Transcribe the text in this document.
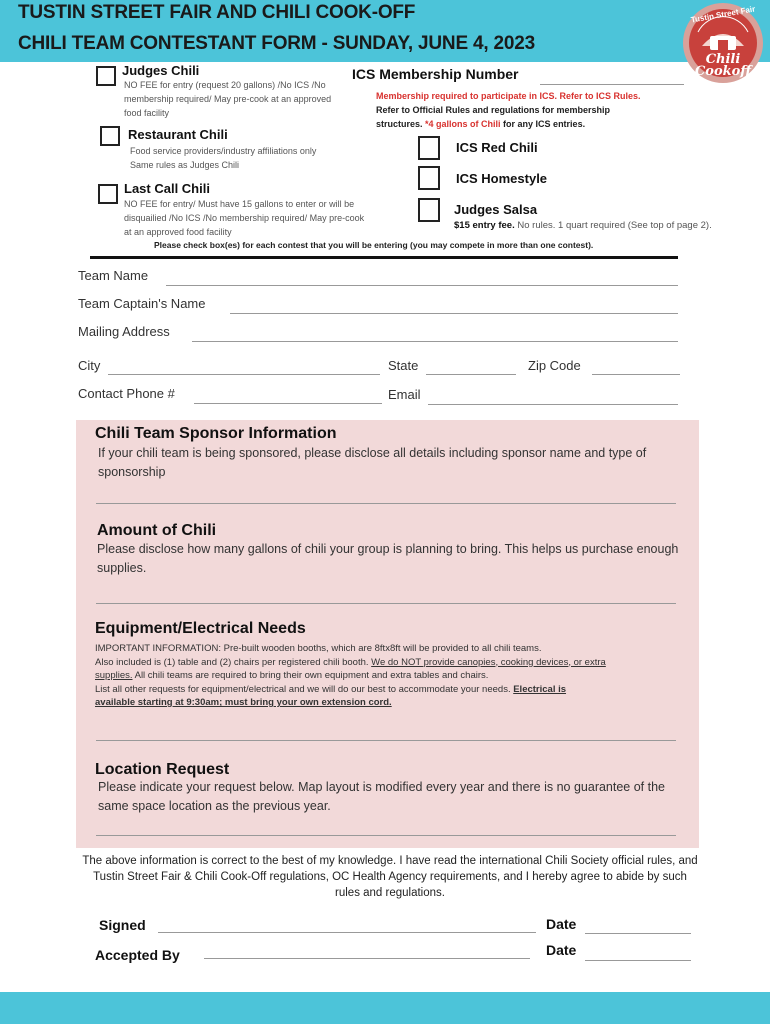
TUSTIN STREET FAIR AND CHILI COOK-OFF
CHILI TEAM CONTESTANT FORM - SUNDAY, JUNE 4, 2023
Tustin Street Fair
Chili Cookoff
Judges Chili
NO FEE for entry (request 20 gallons) /No ICS /No
membership required/ May pre-cook at an approved
food facility
Restaurant Chili
Food service providers/industry affiliations only
Same rules as Judges Chili
Last Call Chili
NO FEE for entry/ Must have 15 gallons to enter or will be
disquailied /No ICS /No membership required/ May pre-cook
at an approved food facility
ICS Membership Number
Membership required to participate in ICS. Refer to ICS Rules.
Refer to Official Rules and regulations for membership
structures. *4 gallons of Chili for any ICS entries.
ICS Red Chili
ICS Homestyle
Judges Salsa
$15 entry fee. No rules. 1 quart required (See top of page 2).
Please check box(es) for each contest that you will be entering (you may compete in more than one contest).
Team Name
Team Captain's Name
Mailing Address
City	State	Zip Code
Contact Phone #	Email
Chili Team Sponsor Information
If your chili team is being sponsored, please disclose all details including sponsor name and type of sponsorship
Amount of Chili
Please disclose how many gallons of chili your group is planning to bring. This helps us purchase enough supplies.
Equipment/Electrical Needs
IMPORTANT INFORMATION: Pre-built wooden booths, which are 8ftx8ft will be provided to all chili teams.
Also included is (1) table and (2) chairs per registered chili booth. We do NOT provide canopies, cooking devices, or extra
supplies. All chili teams are required to bring their own equipment and extra tables and chairs.
List all other requests for equipment/electrical and we will do our best to accommodate your needs. Electrical is
available starting at 9:30am; must bring your own extension cord.
Location Request
Please indicate your request below. Map layout is modified every year and there is no guarantee of the same space location as the previous year.
The above information is correct to the best of my knowledge. I have read the international Chili Society official rules, and Tustin Street Fair & Chili Cook-Off regulations, OC Health Agency requirements, and I hereby agree to abide by such rules and regulations.
Signed	Date
Accepted By	Date
